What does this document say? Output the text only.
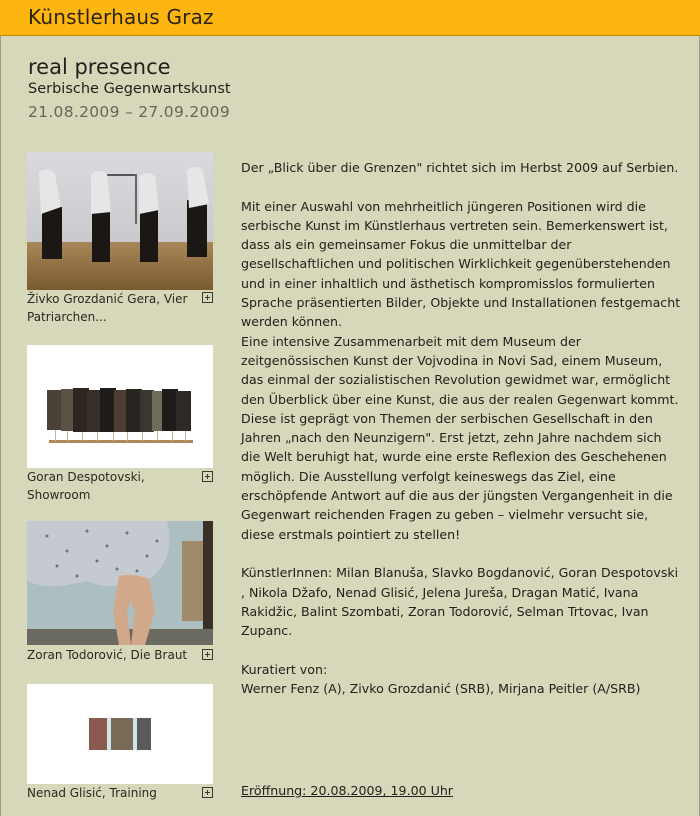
Künstlerhaus Graz
real presence
Serbische Gegenwartskunst
21.08.2009 – 27.09.2009
Živko Grozdanić Gera, Vier Patriarchen...
Goran Despotovski, Showroom
Zoran Todorović, Die Braut
Nenad Glisić, Training

Der „Blick über die Grenzen" richtet sich im Herbst 2009 auf Serbien.

Mit einer Auswahl von mehrheitlich jüngeren Positionen wird die serbische Kunst im Künstlerhaus vertreten sein. Bemerkenswert ist, dass als ein gemeinsamer Fokus die unmittelbar der gesellschaftlichen und politischen Wirklichkeit gegenüberstehenden und in einer inhaltlich und ästhetisch kompromisslos formulierten Sprache präsentierten Bilder, Objekte und Installationen festgemacht werden können.

Eine intensive Zusammenarbeit mit dem Museum der zeitgenössischen Kunst der Vojvodina in Novi Sad, einem Museum, das einmal der sozialistischen Revolution gewidmet war, ermöglicht den Überblick über eine Kunst, die aus der realen Gegenwart kommt. Diese ist geprägt von Themen der serbischen Gesellschaft in den Jahren „nach den Neunzigern". Erst jetzt, zehn Jahre nachdem sich die Welt beruhigt hat, wurde eine erste Reflexion des Geschehenen möglich. Die Ausstellung verfolgt keineswegs das Ziel, eine erschöpfende Antwort auf die aus der jüngsten Vergangenheit in die Gegenwart reichenden Fragen zu geben – vielmehr versucht sie, diese erstmals pointiert zu stellen!

KünstlerInnen: Milan Blanuša, Slavko Bogdanović, Goran Despotovski , Nikola Džafo, Nenad Glisić, Jelena Jureša, Dragan Matić, Ivana Rakidžic, Balint Szombati, Zoran Todorović, Selman Trtovac, Ivan Zupanc.

Kuratiert von:

Werner Fenz (A), Zivko Grozdanić (SRB), Mirjana Peitler (A/SRB)

Eröffnung: 20.08.2009, 19.00 Uhr
